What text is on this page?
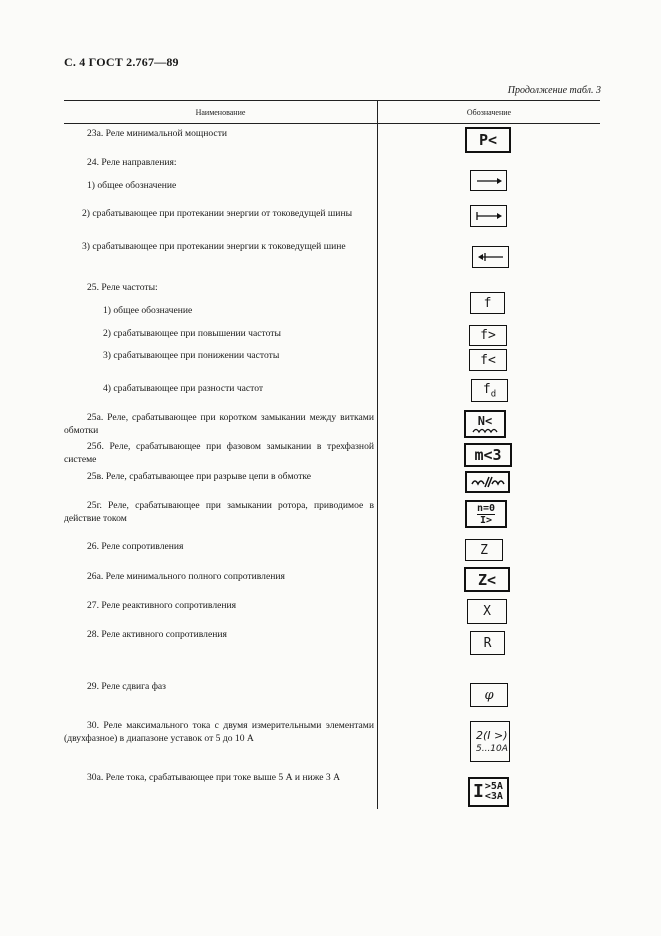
С. 4 ГОСТ 2.767—89
Продолжение табл. 3
Наименование	Обозначение
23а. Реле минимальной мощности
24. Реле направления:
1) общее обозначение
2) срабатывающее при протекании энергии от токоведущей шины
3) срабатывающее при протекании энергии к токоведущей шине
25. Реле частоты:
1) общее обозначение
2) срабатывающее при повышении частоты
3) срабатывающее при понижении частоты
4) срабатывающее при разности частот
25а. Реле, срабатывающее при коротком замыкании между витками обмотки
25б. Реле, срабатывающее при фазовом замыкании в трехфазной системе
25в. Реле, срабатывающее при разрыве цепи в обмотке
25г. Реле, срабатывающее при замыкании ротора, приводимое в действие током
26. Реле сопротивления
26а. Реле минимального полного сопротивления
27. Реле реактивного сопротивления
28. Реле активного сопротивления
29. Реле сдвига фаз
30. Реле максимального тока с двумя измерительными элементами (двухфазное) в диапазоне уставок от 5 до 10 А
30а. Реле тока, срабатывающее при токе выше 5 А и ниже 3 А
P<
f
f>
f<
$f_d$
N<
m<3
n=0
I>
Z
Z<
X
R
φ
2(I >)
5...10A
I >5A
<3A
